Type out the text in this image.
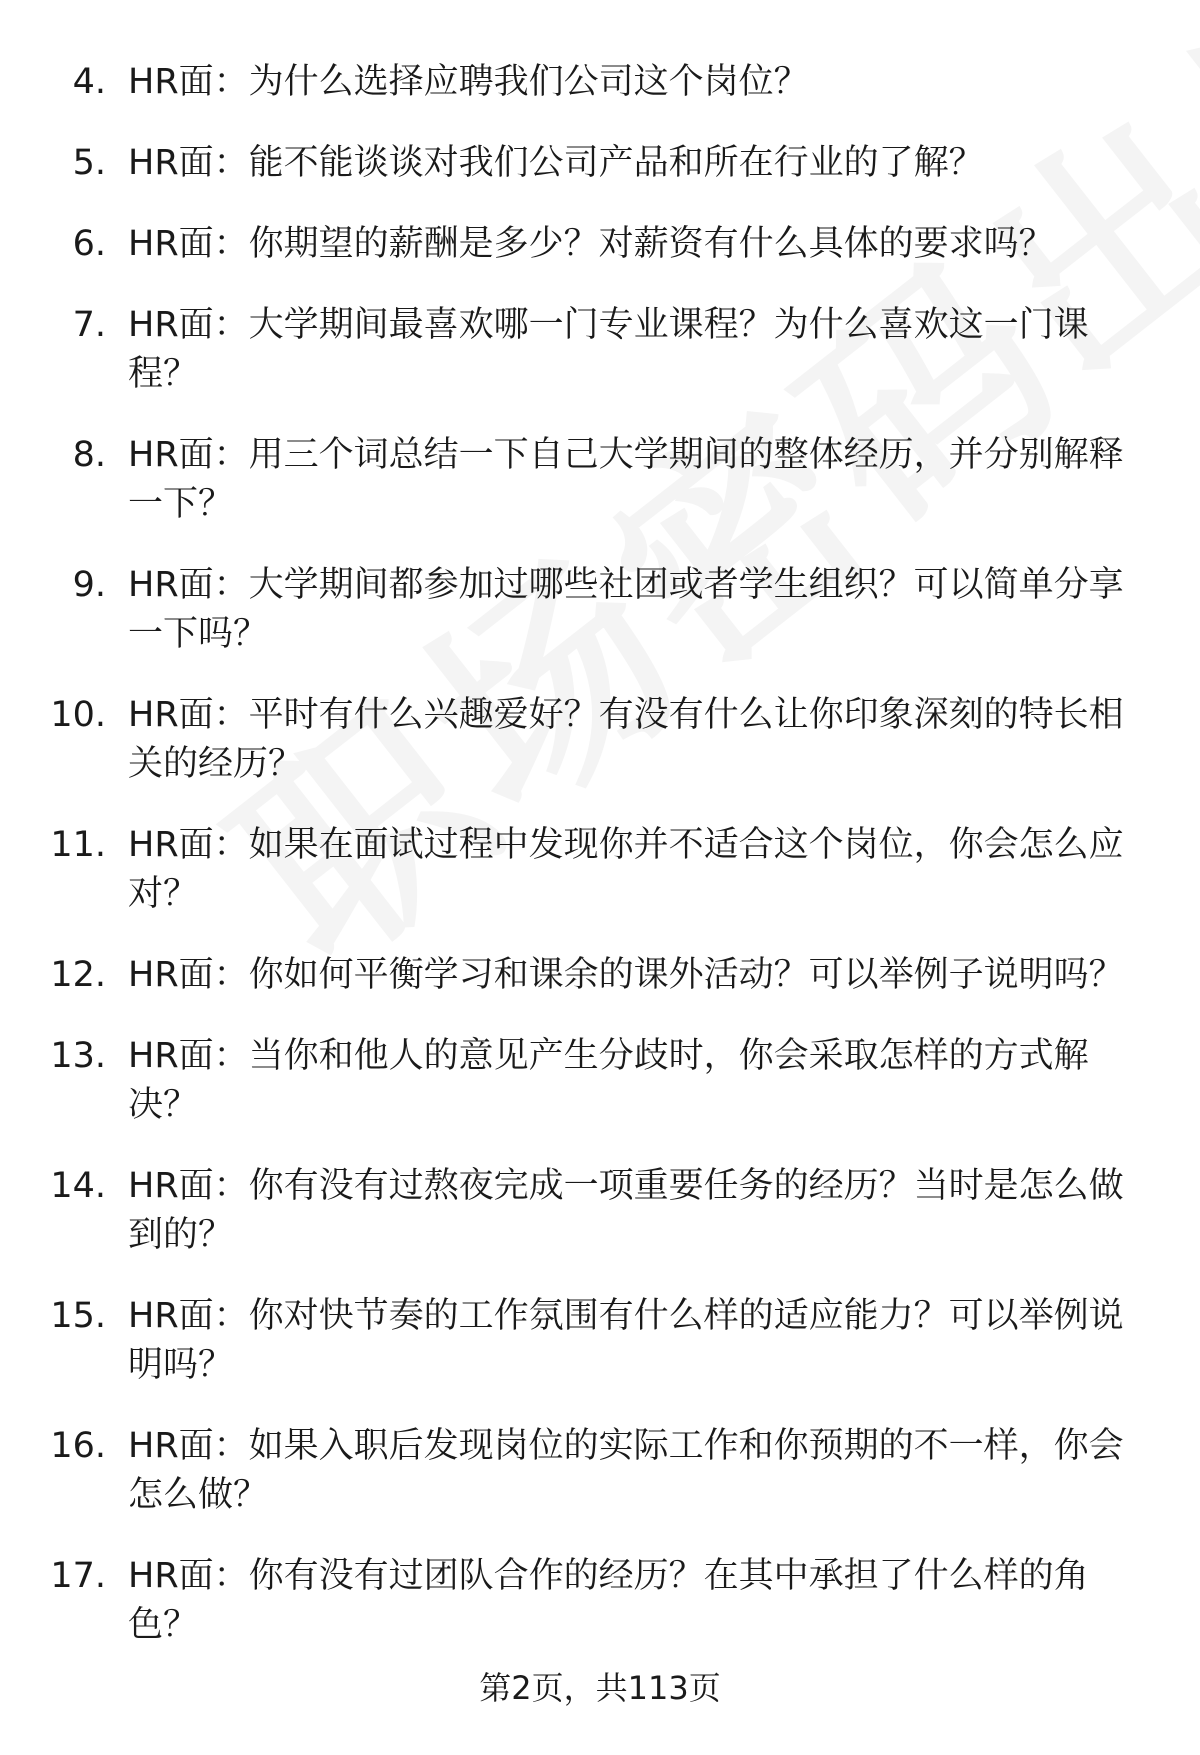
4. HR面：为什么选择应聘我们公司这个岗位？
5. HR面：能不能谈谈对我们公司产品和所在行业的了解？
6. HR面：你期望的薪酬是多少？对薪资有什么具体的要求吗？
7. HR面：大学期间最喜欢哪一门专业课程？为什么喜欢这一门课程？
8. HR面：用三个词总结一下自己大学期间的整体经历，并分别解释一下？
9. HR面：大学期间都参加过哪些社团或者学生组织？可以简单分享一下吗？
10. HR面：平时有什么兴趣爱好？有没有什么让你印象深刻的特长相关的经历？
11. HR面：如果在面试过程中发现你并不适合这个岗位，你会怎么应对？
12. HR面：你如何平衡学习和课余的课外活动？可以举例子说明吗？
13. HR面：当你和他人的意见产生分歧时，你会采取怎样的方式解决？
14. HR面：你有没有过熬夜完成一项重要任务的经历？当时是怎么做到的？
15. HR面：你对快节奏的工作氛围有什么样的适应能力？可以举例说明吗？
16. HR面：如果入职后发现岗位的实际工作和你预期的不一样，你会怎么做？
17. HR面：你有没有过团队合作的经历？在其中承担了什么样的角色？
第2页，共113页
